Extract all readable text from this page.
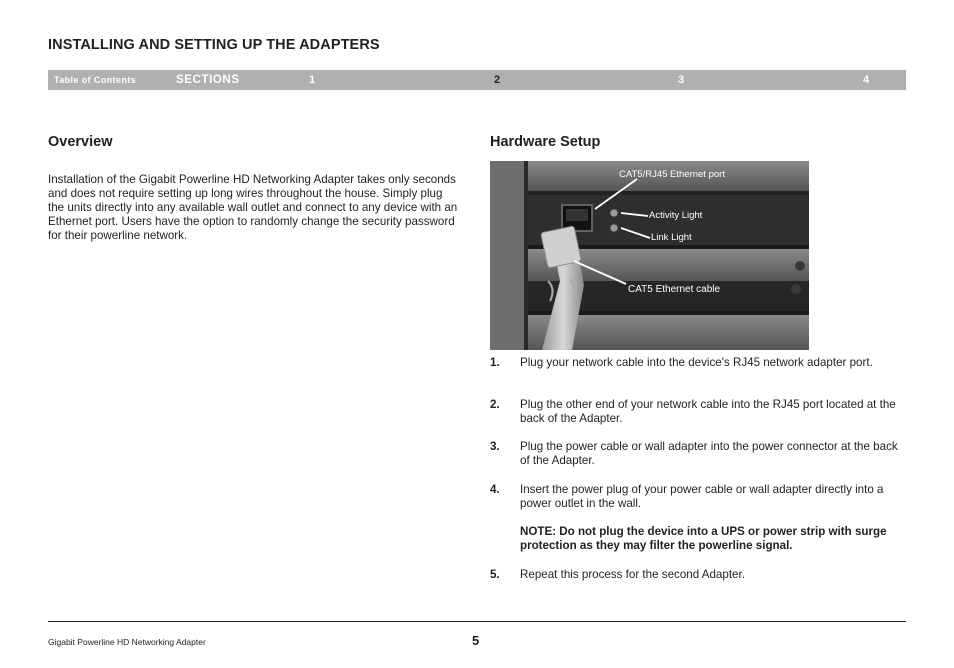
INSTALLING AND SETTING UP THE ADAPTERS
Table of Contents	SECTIONS	1	2	3	4
Overview
Installation of the Gigabit Powerline HD Networking Adapter takes only seconds and does not require setting up long wires throughout the house. Simply plug the units directly into any available wall outlet and connect to any device with an Ethernet port. Users have the option to randomly change the security password for their powerline network.
Hardware Setup
CAT5/RJ45 Ethernet port
Activity Light
Link Light
CAT5 Ethernet cable
1. Plug your network cable into the device's RJ45 network adapter port.
2. Plug the other end of your network cable into the RJ45 port located at the back of the Adapter.
3. Plug the power cable or wall adapter into the power connector at the back of the Adapter.
4. Insert the power plug of your power cable or wall adapter directly into a power outlet in the wall.
NOTE: Do not plug the device into a UPS or power strip with surge protection as they may filter the powerline signal.
5. Repeat this process for the second Adapter.
Gigabit Powerline HD Networking Adapter	5
